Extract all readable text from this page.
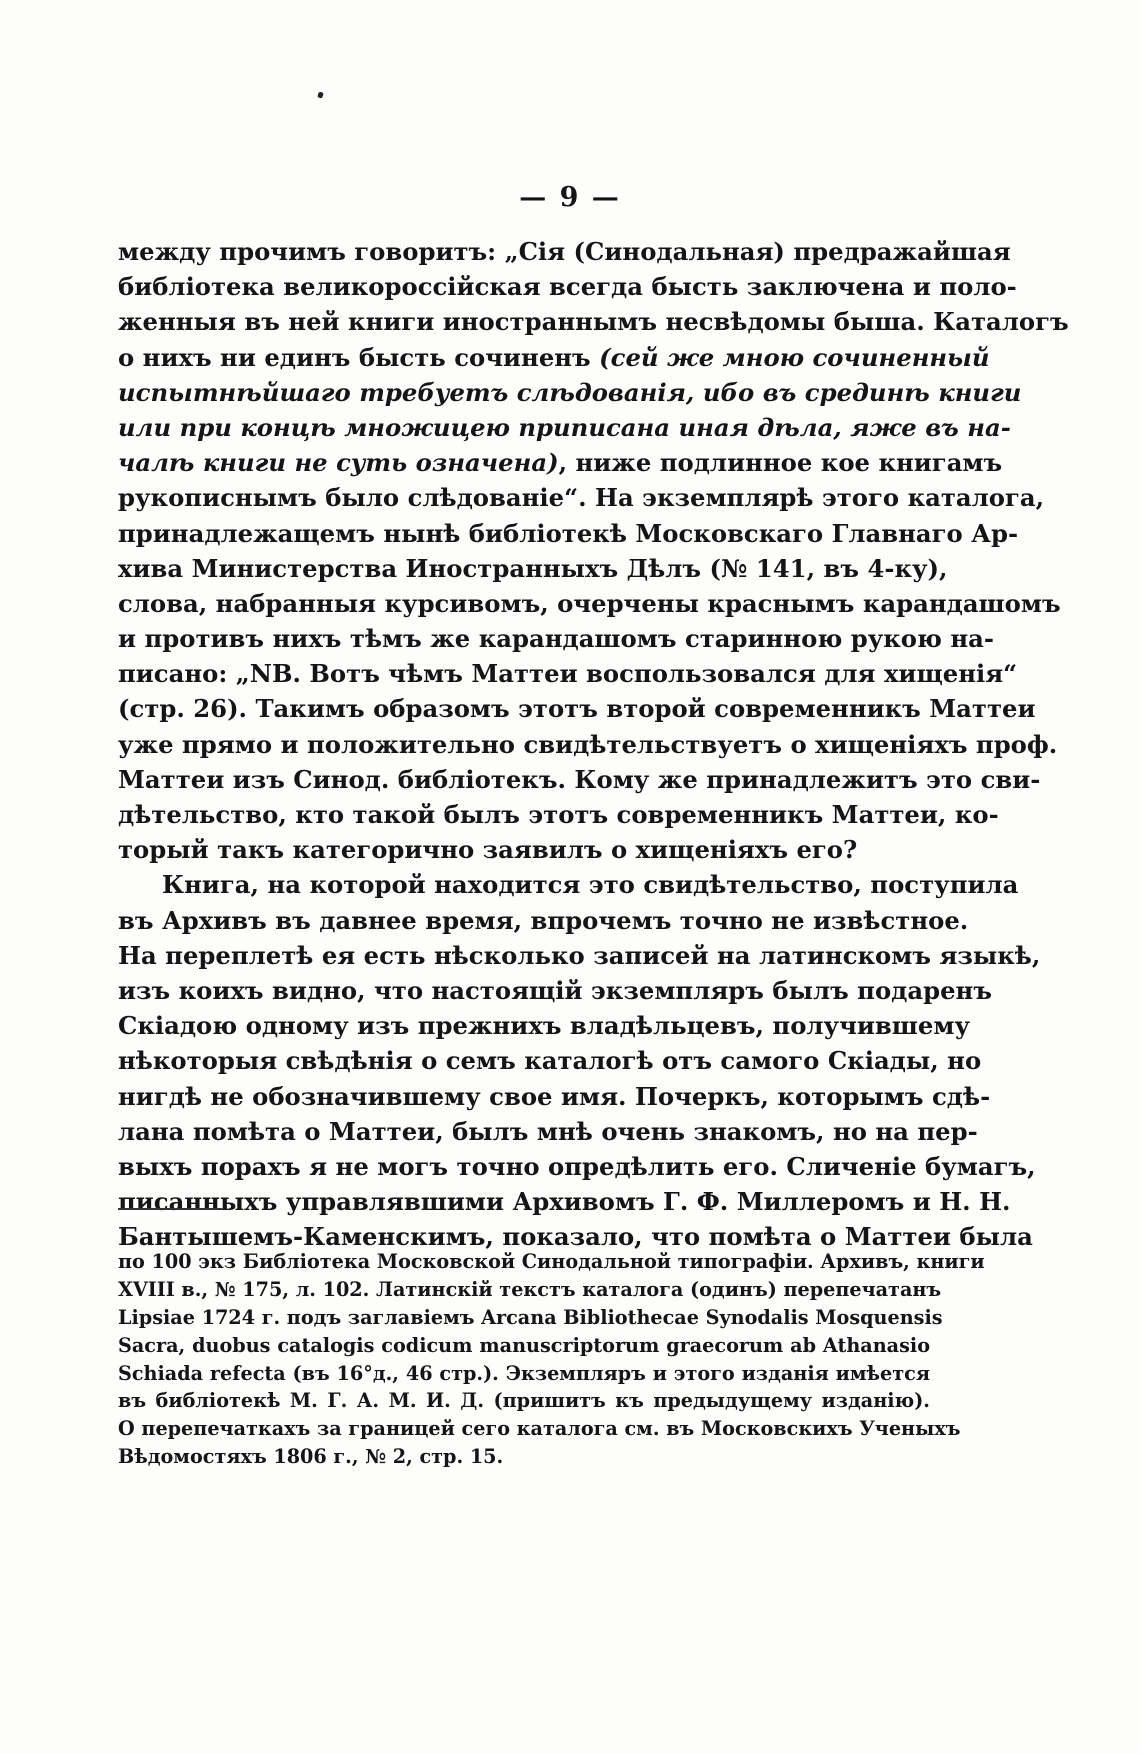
— 9 —
между прочимъ говоритъ: „Сія (Синодальная) предражайшая
библіотека великороссійская всегда бысть заключена и поло-
женныя въ ней книги иностраннымъ несвѣдомы быша. Каталогъ
о нихъ ни единъ бысть сочиненъ (сей же мною сочиненный
испытнѣйшаго требуетъ слѣдованія, ибо въ срединѣ книги
или при концѣ множицею приписана иная дѣла, яже въ на-
чалѣ книги не суть означена), ниже подлинное кое книгамъ
рукописнымъ было слѣдованіе“. На экземплярѣ этого каталога,
принадлежащемъ нынѣ библіотекѣ Московскаго Главнаго Ар-
хива Министерства Иностранныхъ Дѣлъ (№ 141, въ 4-ку),
слова, набранныя курсивомъ, очерчены краснымъ карандашомъ
и противъ нихъ тѣмъ же карандашомъ старинною рукою на-
писано: „NB. Вотъ чѣмъ Маттеи воспользовался для хищенія“
(стр. 26). Такимъ образомъ этотъ второй современникъ Маттеи
уже прямо и положительно свидѣтельствуетъ о хищеніяхъ проф.
Маттеи изъ Синод. библіотекъ. Кому же принадлежитъ это сви-
дѣтельство, кто такой былъ этотъ современникъ Маттеи, ко-
торый такъ категорично заявилъ о хищеніяхъ его?
Книга, на которой находится это свидѣтельство, поступила
въ Архивъ въ давнее время, впрочемъ точно не извѣстное.
На переплетѣ ея есть нѣсколько записей на латинскомъ языкѣ,
изъ коихъ видно, что настоящій экземпляръ былъ подаренъ
Скіадою одному изъ прежнихъ владѣльцевъ, получившему
нѣкоторыя свѣдѣнія о семъ каталогѣ отъ самого Скіады, но
нигдѣ не обозначившему свое имя. Почеркъ, которымъ сдѣ-
лана помѣта о Маттеи, былъ мнѣ очень знакомъ, но на пер-
выхъ порахъ я не могъ точно опредѣлить его. Сличеніе бумагъ,
писанныхъ управлявшими Архивомъ Г. Ф. Миллеромъ и Н. Н.
Бантышемъ-Каменскимъ, показало, что помѣта о Маттеи была
по 100 экз Библіотека Московской Синодальной типографіи. Архивъ, книги
XVIII в., № 175, л. 102. Латинскій текстъ каталога (одинъ) перепечатанъ
Lipsiae 1724 г. подъ заглавіемъ Arcana Bibliothecae Synodalis Mosquensis
Sacra, duobus catalogis codicum manuscriptorum graecorum ab Athanasio
Schiada refecta (въ 16°д., 46 стр.). Экземпляръ и этого изданія имѣется
въ библіотекѣ М. Г. А. М. И. Д. (пришитъ къ предыдущему изданію).
О перепечаткахъ за границей сего каталога см. въ Московскихъ Ученыхъ
Вѣдомостяхъ 1806 г., № 2, стр. 15.
